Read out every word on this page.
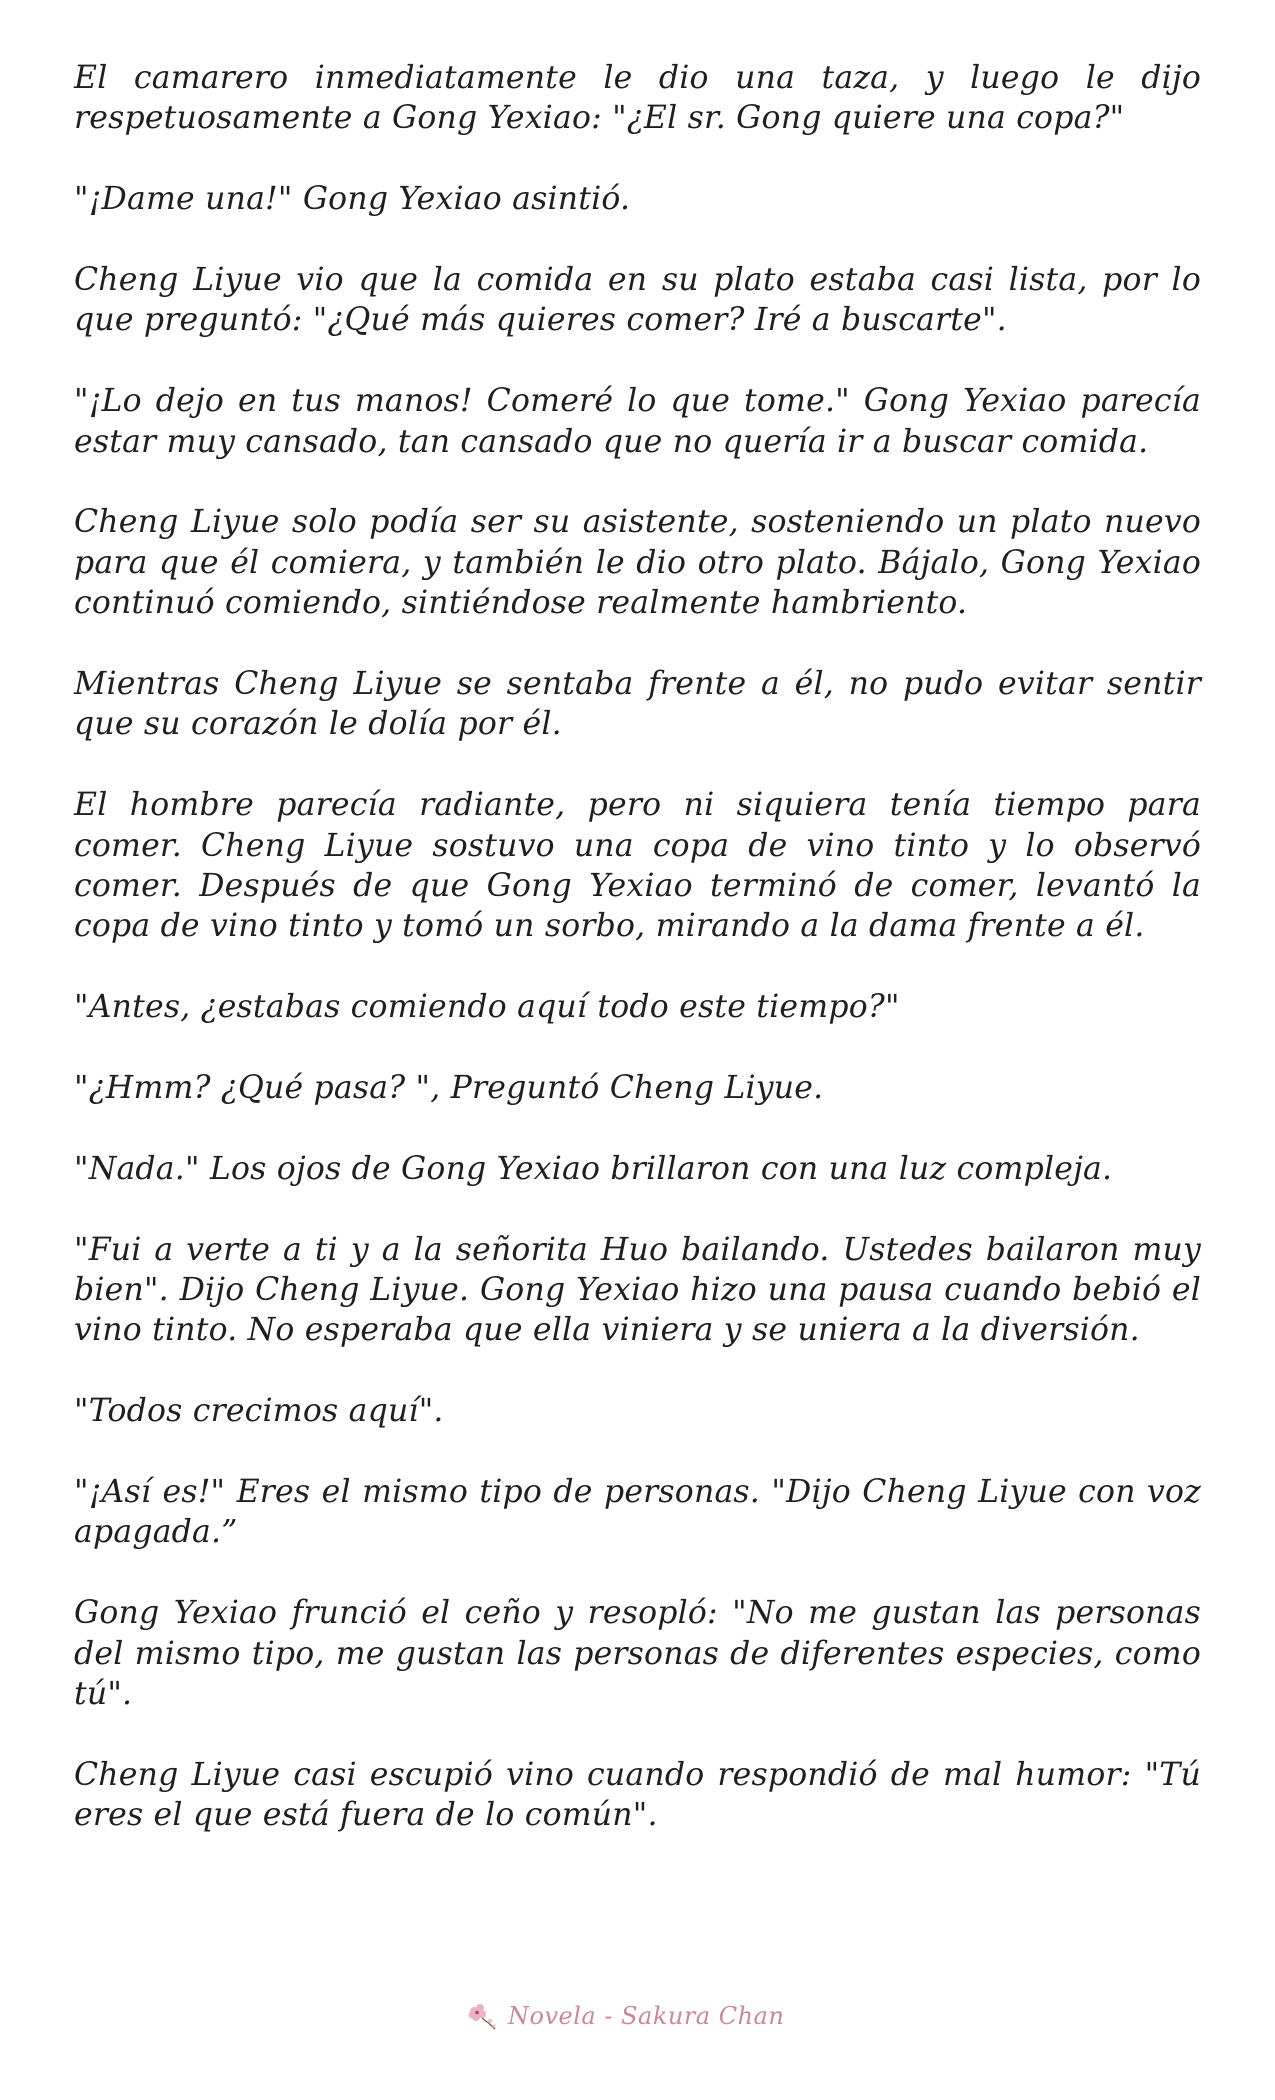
El camarero inmediatamente le dio una taza, y luego le dijo respetuosamente a Gong Yexiao: "¿El sr. Gong quiere una copa?"

"¡Dame una!" Gong Yexiao asintió.

Cheng Liyue vio que la comida en su plato estaba casi lista, por lo que preguntó: "¿Qué más quieres comer? Iré a buscarte".

"¡Lo dejo en tus manos! Comeré lo que tome." Gong Yexiao parecía estar muy cansado, tan cansado que no quería ir a buscar comida.

Cheng Liyue solo podía ser su asistente, sosteniendo un plato nuevo para que él comiera, y también le dio otro plato. Bájalo, Gong Yexiao continuó comiendo, sintiéndose realmente hambriento.

Mientras Cheng Liyue se sentaba frente a él, no pudo evitar sentir que su corazón le dolía por él.

El hombre parecía radiante, pero ni siquiera tenía tiempo para comer. Cheng Liyue sostuvo una copa de vino tinto y lo observó comer. Después de que Gong Yexiao terminó de comer, levantó la copa de vino tinto y tomó un sorbo, mirando a la dama frente a él.

"Antes, ¿estabas comiendo aquí todo este tiempo?"

"¿Hmm? ¿Qué pasa? ", Preguntó Cheng Liyue.

"Nada." Los ojos de Gong Yexiao brillaron con una luz compleja.

"Fui a verte a ti y a la señorita Huo bailando. Ustedes bailaron muy bien". Dijo Cheng Liyue. Gong Yexiao hizo una pausa cuando bebió el vino tinto. No esperaba que ella viniera y se uniera a la diversión.

"Todos crecimos aquí".

"¡Así es!" Eres el mismo tipo de personas. "Dijo Cheng Liyue con voz apagada.”

Gong Yexiao frunció el ceño y resopló: "No me gustan las personas del mismo tipo, me gustan las personas de diferentes especies, como tú".

Cheng Liyue casi escupió vino cuando respondió de mal humor: "Tú eres el que está fuera de lo común".

Novela - Sakura Chan
